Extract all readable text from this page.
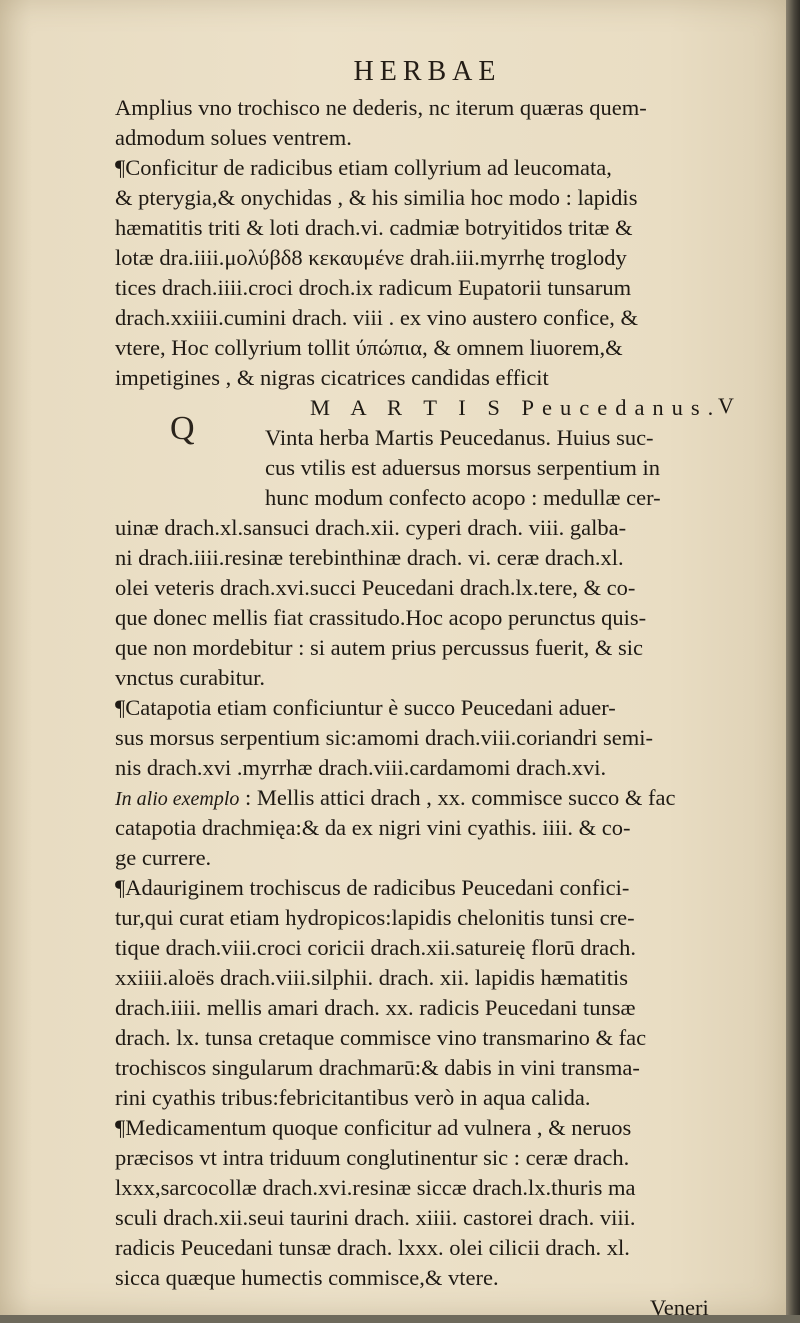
HERBAE
Amplius vno trochisco ne dederis, nc iterum quæras quem-
admodum solues ventrem.
¶Conficitur de radicibus etiam collyrium ad leucomata,
& pterygia,& onychidas , & his similia hoc modo : lapidis
hæmatitis triti & loti drach.vi. cadmiæ botryitidos tritæ &
lotæ dra.iiii.μολύβδ8 κεκαυμένε drah.iii.myrrhę troglody
tices drach.iiii.croci droch.ix radicum Eupatorii tunsarum
drach.xxiiii.cumini drach. viii . ex vino austero confice, &
vtere, Hoc collyrium tollit ύπώπια, & omnem liuorem,&
impetigines , & nigras cicatrices candidas efficit
M A R T I S Peucedanus.
Vinta herba Martis Peucedanus. Huius suc-
cus vtilis est aduersus morsus serpentium in
hunc modum confecto acopo : medullæ cer-
uinæ drach.xl.sansuci drach.xii. cyperi drach. viii. galba-
ni drach.iiii.resinæ terebinthinæ drach. vi. ceræ drach.xl.
olei veteris drach.xvi.succi Peucedani drach.lx.tere, & co-
que donec mellis fiat crassitudo.Hoc acopo perunctus quis-
que non mordebitur : si autem prius percussus fuerit, & sic
vnctus curabitur.
¶Catapotia etiam conficiuntur è succo Peucedani aduer-
sus morsus serpentium sic:amomi drach.viii.coriandri semi-
nis drach.xvi .myrrhæ drach.viii.cardamomi drach.xvi.
In alio exemplo : Mellis attici drach , xx. commisce succo & fac
catapotia drachmięa:& da ex nigri vini cyathis. iiii. & co-
ge currere.
¶Adauriginem trochiscus de radicibus Peucedani confici-
tur,qui curat etiam hydropicos:lapidis chelonitis tunsi cre-
tique drach.viii.croci coricii drach.xii.satureię florū drach.
xxiiii.aloës drach.viii.silphii. drach. xii. lapidis hæmatitis
drach.iiii. mellis amari drach. xx. radicis Peucedani tunsæ
drach. lx. tunsa cretaque commisce vino transmarino & fac
trochiscos singularum drachmarū:& dabis in vini transma-
rini cyathis tribus:febricitantibus verò in aqua calida.
¶Medicamentum quoque conficitur ad vulnera , & neruos
præcisos vt intra triduum conglutinentur sic : ceræ drach.
lxxx,sarcocollæ drach.xvi.resinæ siccæ drach.lx.thuris ma
sculi drach.xii.seui taurini drach. xiiii. castorei drach. viii.
radicis Peucedani tunsæ drach. lxxx. olei cilicii drach. xl.
sicca quæque humectis commisce,& vtere.
Veneri
Q
V
